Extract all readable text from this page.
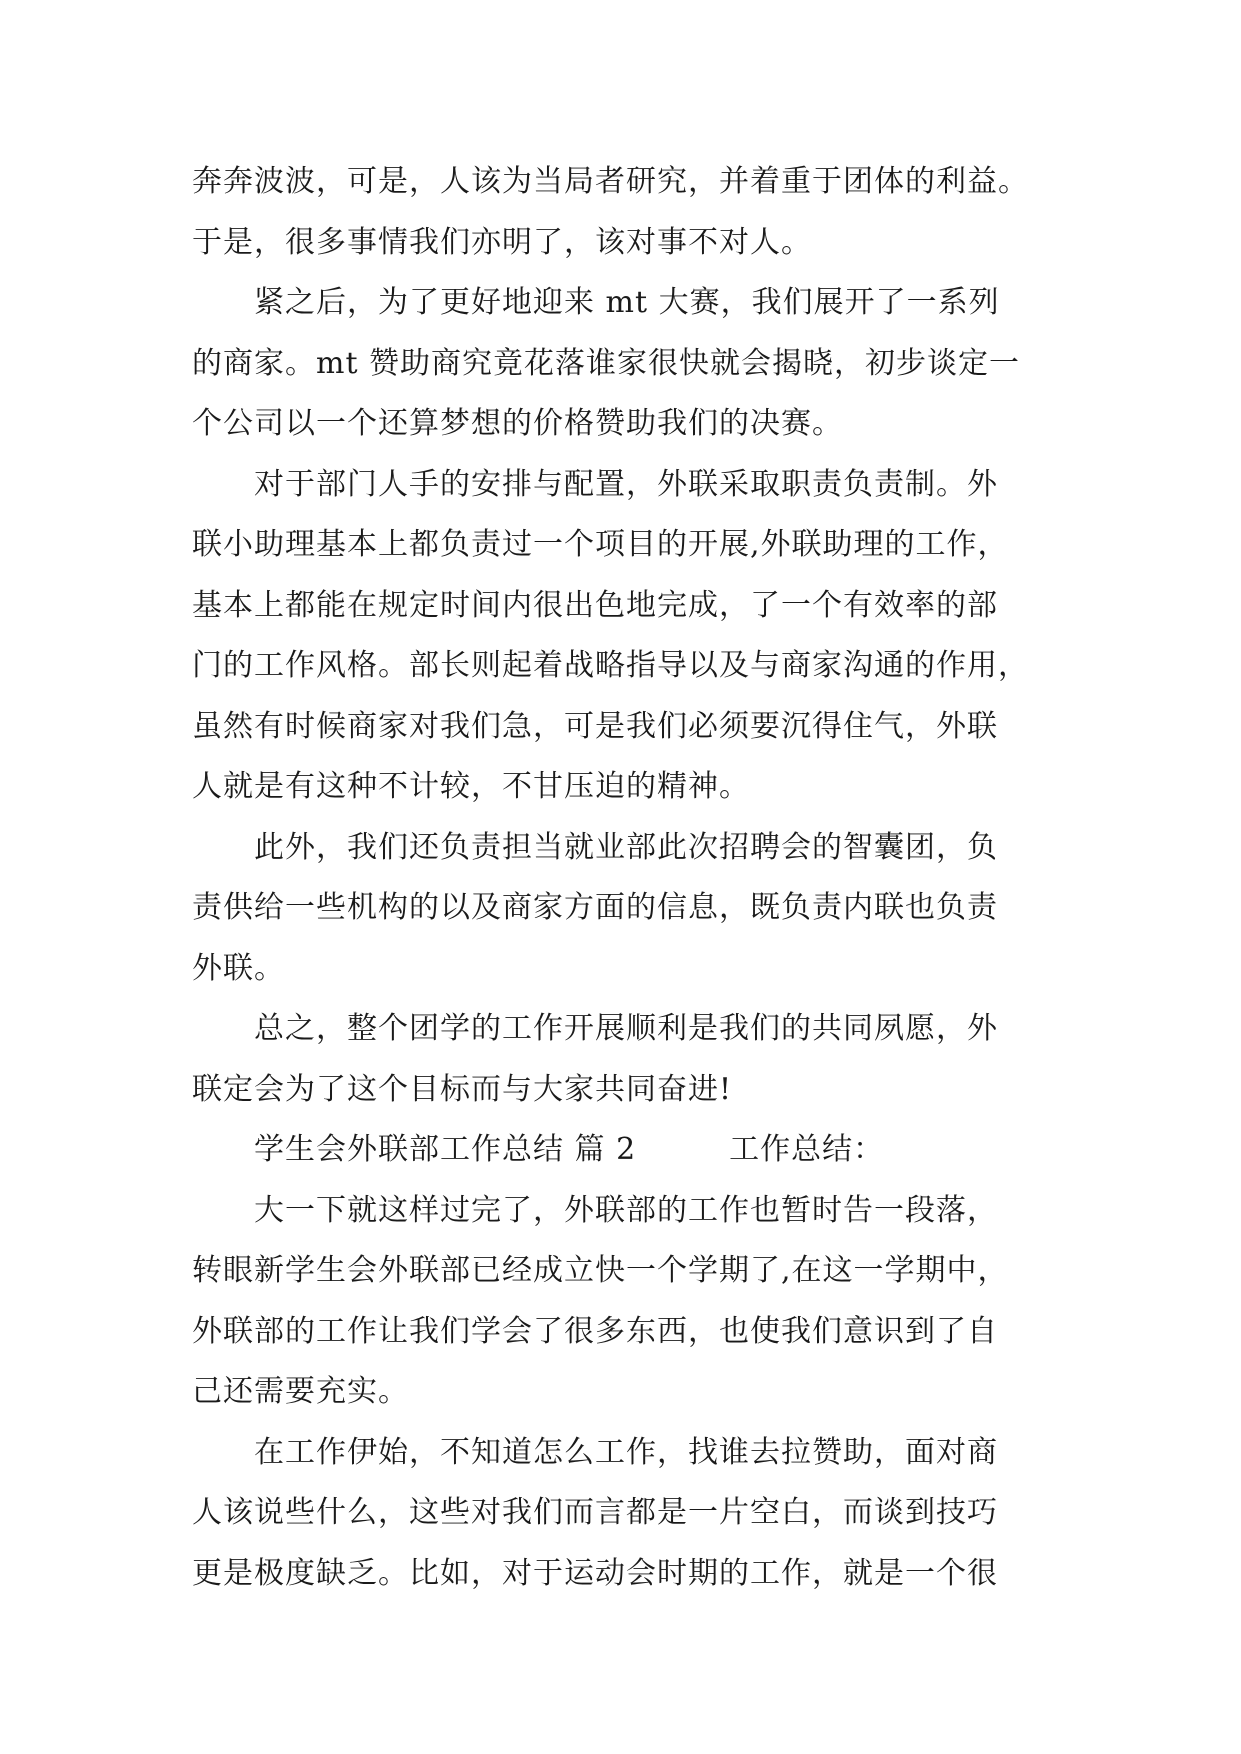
奔奔波波，可是，人该为当局者研究，并着重于团体的利益。
于是，很多事情我们亦明了，该对事不对人。
　　紧之后，为了更好地迎来 mt 大赛，我们展开了一系列
的商家。mt 赞助商究竟花落谁家很快就会揭晓，初步谈定一
个公司以一个还算梦想的价格赞助我们的决赛。
　　对于部门人手的安排与配置，外联采取职责负责制。外
联小助理基本上都负责过一个项目的开展,外联助理的工作，
基本上都能在规定时间内很出色地完成，了一个有效率的部
门的工作风格。部长则起着战略指导以及与商家沟通的作用，
虽然有时候商家对我们急，可是我们必须要沉得住气，外联
人就是有这种不计较，不甘压迫的精神。
　　此外，我们还负责担当就业部此次招聘会的智囊团，负
责供给一些机构的以及商家方面的信息，既负责内联也负责
外联。
　　总之，整个团学的工作开展顺利是我们的共同夙愿，外
联定会为了这个目标而与大家共同奋进!
　　学生会外联部工作总结 篇 2　　　工作总结：
　　大一下就这样过完了，外联部的工作也暂时告一段落，
转眼新学生会外联部已经成立快一个学期了,在这一学期中，
外联部的工作让我们学会了很多东西，也使我们意识到了自
己还需要充实。
　　在工作伊始，不知道怎么工作，找谁去拉赞助，面对商
人该说些什么，这些对我们而言都是一片空白，而谈到技巧
更是极度缺乏。比如，对于运动会时期的工作，就是一个很
